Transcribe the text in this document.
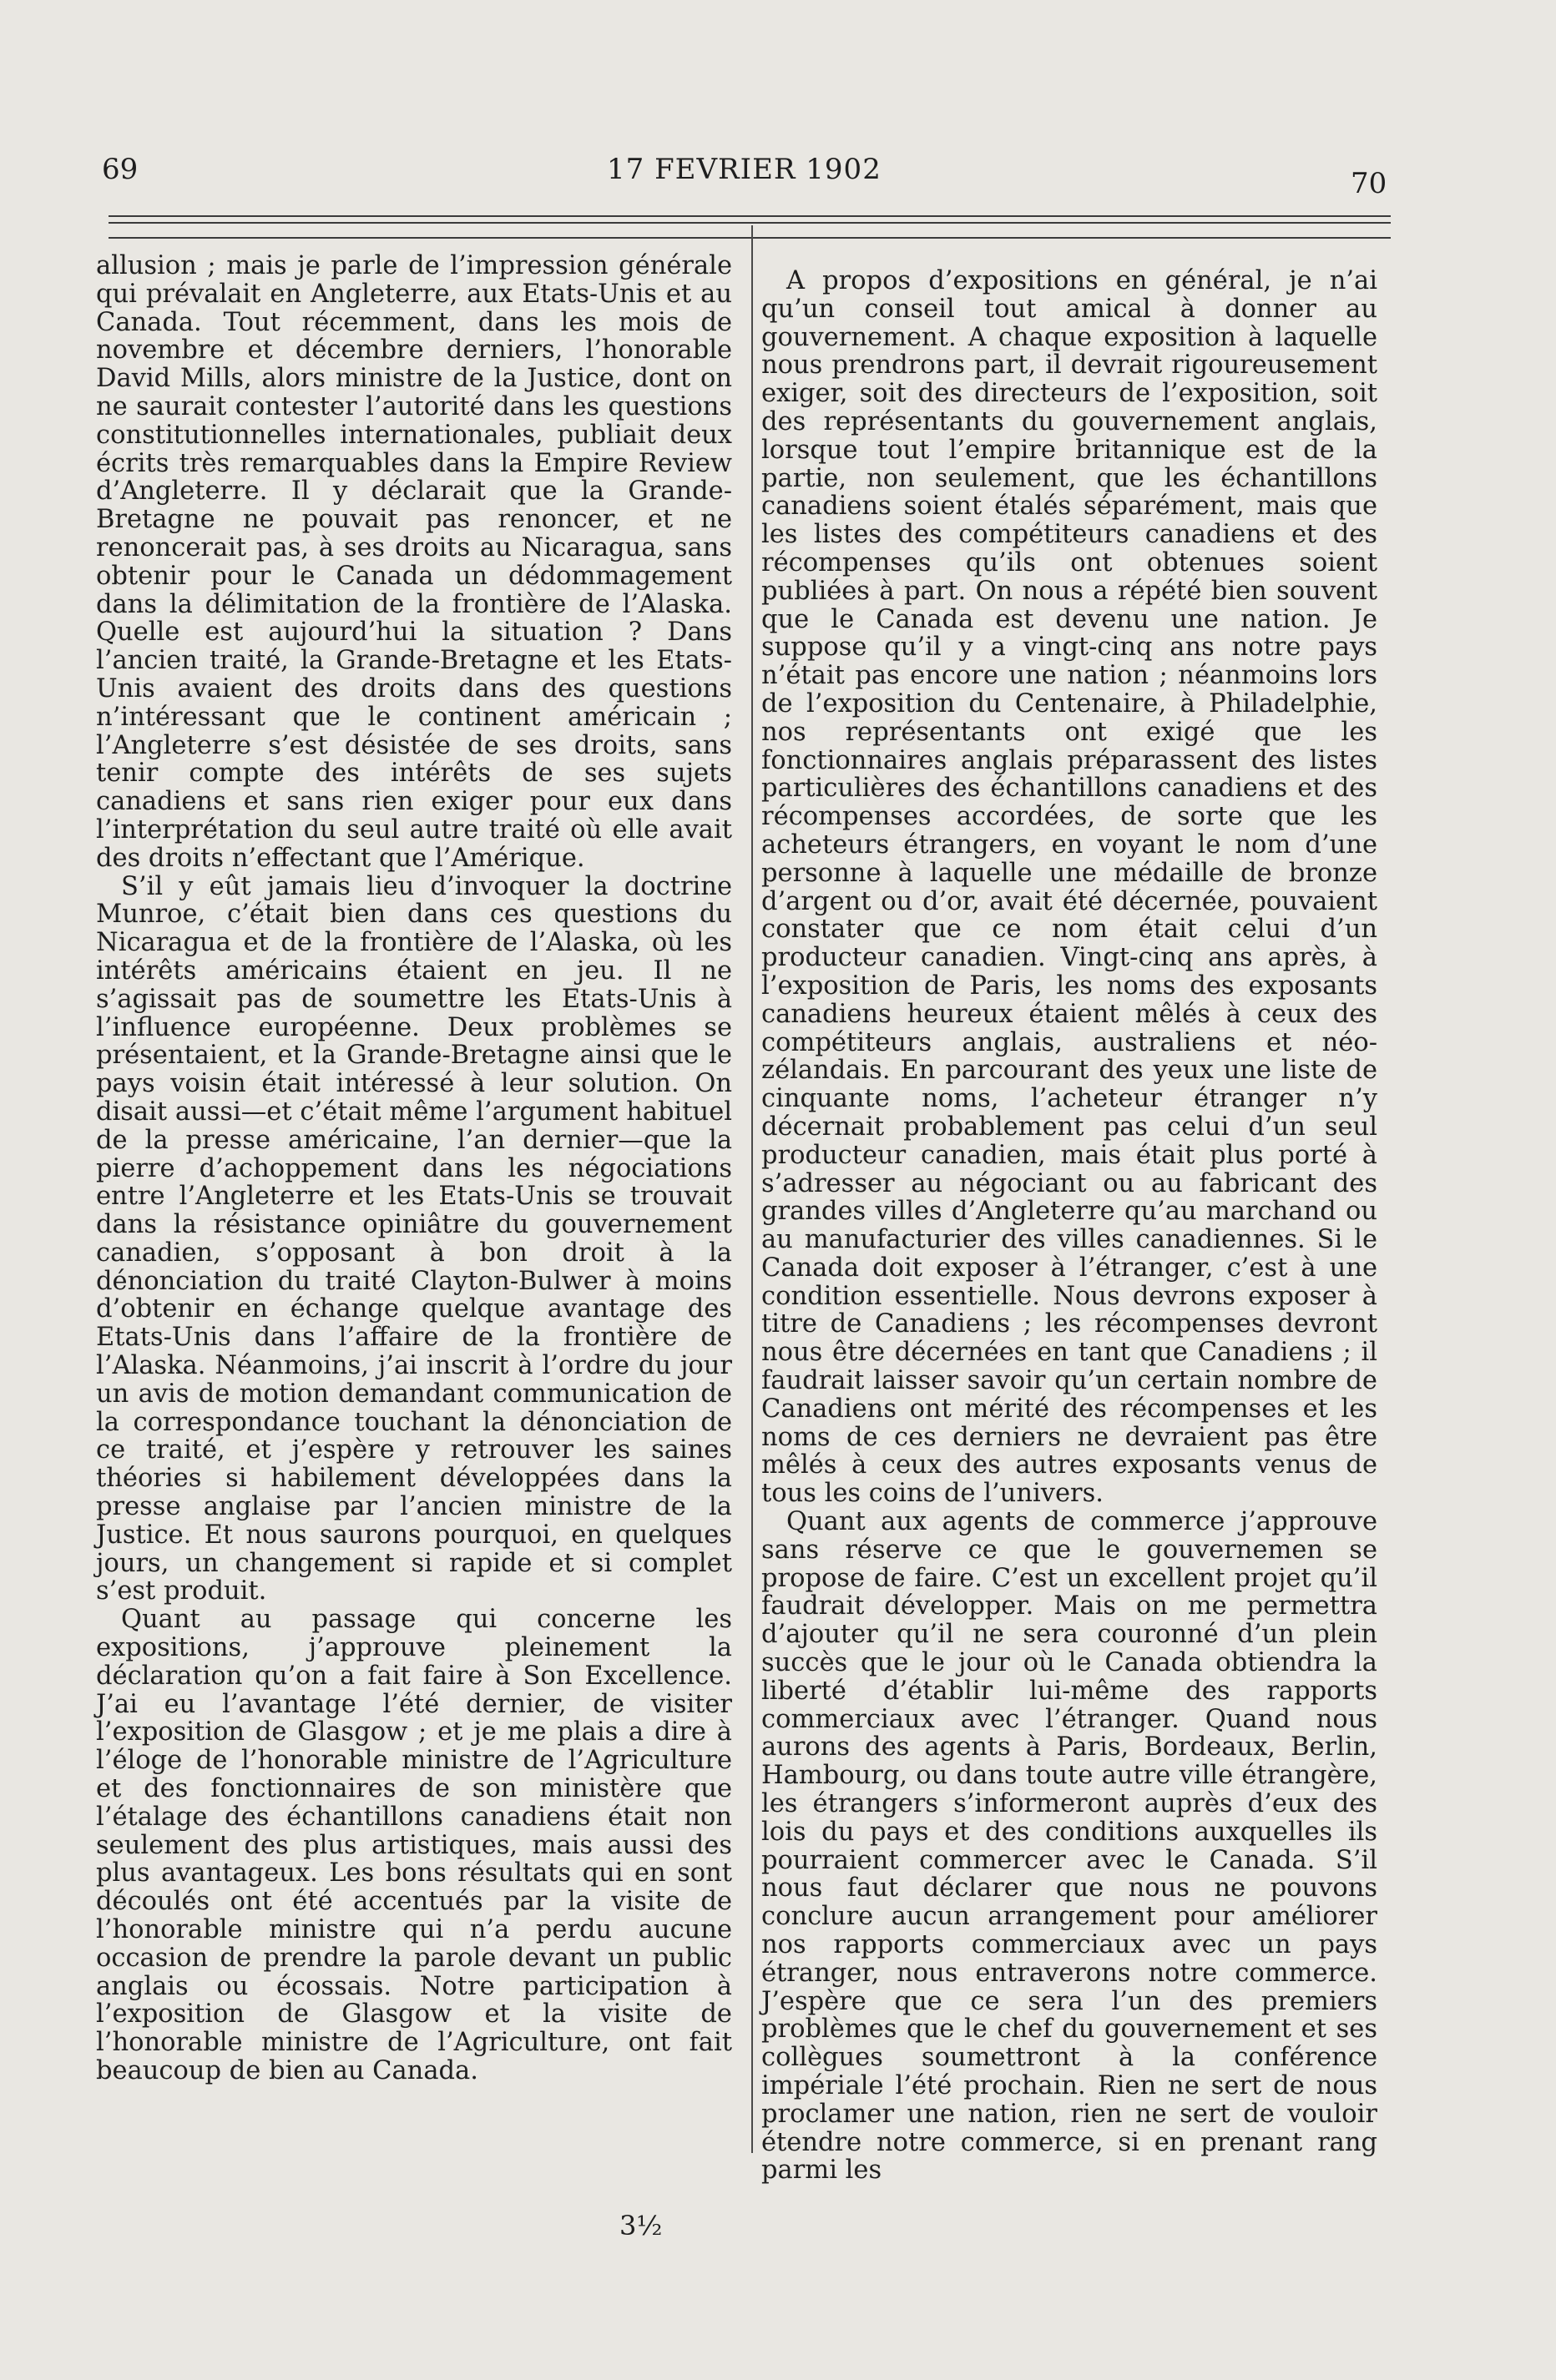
69	17 FEVRIER 1902	70

allusion ; mais je parle de l’impression générale qui prévalait en Angleterre, aux Etats-Unis et au Canada. Tout récemment, dans les mois de novembre et décembre derniers, l’honorable David Mills, alors ministre de la Justice, dont on ne saurait contester l’autorité dans les questions constitutionnelles internationales, publiait deux écrits très remarquables dans la Empire Review d’Angleterre. Il y déclarait que la Grande-Bretagne ne pouvait pas renoncer, et ne renoncerait pas, à ses droits au Nicaragua, sans obtenir pour le Canada un dédommagement dans la délimitation de la frontière de l’Alaska. Quelle est aujourd’hui la situation ? Dans l’ancien traité, la Grande-Bretagne et les Etats-Unis avaient des droits dans des questions n’intéressant que le continent américain ; l’Angleterre s’est désistée de ses droits, sans tenir compte des intérêts de ses sujets canadiens et sans rien exiger pour eux dans l’interprétation du seul autre traité où elle avait des droits n’effectant que l’Amérique.

S’il y eût jamais lieu d’invoquer la doctrine Munroe, c’était bien dans ces questions du Nicaragua et de la frontière de l’Alaska, où les intérêts américains étaient en jeu. Il ne s’agissait pas de soumettre les Etats-Unis à l’influence européenne. Deux problèmes se présentaient, et la Grande-Bretagne ainsi que le pays voisin était intéressé à leur solution. On disait aussi—et c’était même l’argument habituel de la presse américaine, l’an dernier—que la pierre d’achoppement dans les négociations entre l’Angleterre et les Etats-Unis se trouvait dans la résistance opiniâtre du gouvernement canadien, s’opposant à bon droit à la dénonciation du traité Clayton-Bulwer à moins d’obtenir en échange quelque avantage des Etats-Unis dans l’affaire de la frontière de l’Alaska. Néanmoins, j’ai inscrit à l’ordre du jour un avis de motion demandant communication de la correspondance touchant la dénonciation de ce traité, et j’espère y retrouver les saines théories si habilement développées dans la presse anglaise par l’ancien ministre de la Justice. Et nous saurons pourquoi, en quelques jours, un changement si rapide et si complet s’est produit.

Quant au passage qui concerne les expositions, j’approuve pleinement la déclaration qu’on a fait faire à Son Excellence. J’ai eu l’avantage l’été dernier, de visiter l’exposition de Glasgow ; et je me plais a dire à l’éloge de l’honorable ministre de l’Agriculture et des fonctionnaires de son ministère que l’étalage des échantillons canadiens était non seulement des plus artistiques, mais aussi des plus avantageux. Les bons résultats qui en sont découlés ont été accentués par la visite de l’honorable ministre qui n’a perdu aucune occasion de prendre la parole devant un public anglais ou écossais. Notre participation à l’exposition de Glasgow et la visite de l’honorable ministre de l’Agriculture, ont fait beaucoup de bien au Canada.

A propos d’expositions en général, je n’ai qu’un conseil tout amical à donner au gouvernement. A chaque exposition à laquelle nous prendrons part, il devrait rigoureusement exiger, soit des directeurs de l’exposition, soit des représentants du gouvernement anglais, lorsque tout l’empire britannique est de la partie, non seulement, que les échantillons canadiens soient étalés séparément, mais que les listes des compétiteurs canadiens et des récompenses qu’ils ont obtenues soient publiées à part. On nous a répété bien souvent que le Canada est devenu une nation. Je suppose qu’il y a vingt-cinq ans notre pays n’était pas encore une nation ; néanmoins lors de l’exposition du Centenaire, à Philadelphie, nos représentants ont exigé que les fonctionnaires anglais préparassent des listes particulières des échantillons canadiens et des récompenses accordées, de sorte que les acheteurs étrangers, en voyant le nom d’une personne à laquelle une médaille de bronze d’argent ou d’or, avait été décernée, pouvaient constater que ce nom était celui d’un producteur canadien. Vingt-cinq ans après, à l’exposition de Paris, les noms des exposants canadiens heureux étaient mêlés à ceux des compétiteurs anglais, australiens et néo-zélandais. En parcourant des yeux une liste de cinquante noms, l’acheteur étranger n’y décernait probablement pas celui d’un seul producteur canadien, mais était plus porté à s’adresser au négociant ou au fabricant des grandes villes d’Angleterre qu’au marchand ou au manufacturier des villes canadiennes. Si le Canada doit exposer à l’étranger, c’est à une condition essentielle. Nous devrons exposer à titre de Canadiens ; les récompenses devront nous être décernées en tant que Canadiens ; il faudrait laisser savoir qu’un certain nombre de Canadiens ont mérité des récompenses et les noms de ces derniers ne devraient pas être mêlés à ceux des autres exposants venus de tous les coins de l’univers.

Quant aux agents de commerce j’approuve sans réserve ce que le gouvernemen se propose de faire. C’est un excellent projet qu’il faudrait développer. Mais on me permettra d’ajouter qu’il ne sera couronné d’un plein succès que le jour où le Canada obtiendra la liberté d’établir lui-même des rapports commerciaux avec l’étranger. Quand nous aurons des agents à Paris, Bordeaux, Berlin, Hambourg, ou dans toute autre ville étrangère, les étrangers s’informeront auprès d’eux des lois du pays et des conditions auxquelles ils pourraient commercer avec le Canada. S’il nous faut déclarer que nous ne pouvons conclure aucun arrangement pour améliorer nos rapports commerciaux avec un pays étranger, nous entraverons notre commerce. J’espère que ce sera l’un des premiers problèmes que le chef du gouvernement et ses collègues soumettront à la conférence impériale l’été prochain. Rien ne sert de nous proclamer une nation, rien ne sert de vouloir étendre notre commerce, si en prenant rang parmi les

3½
